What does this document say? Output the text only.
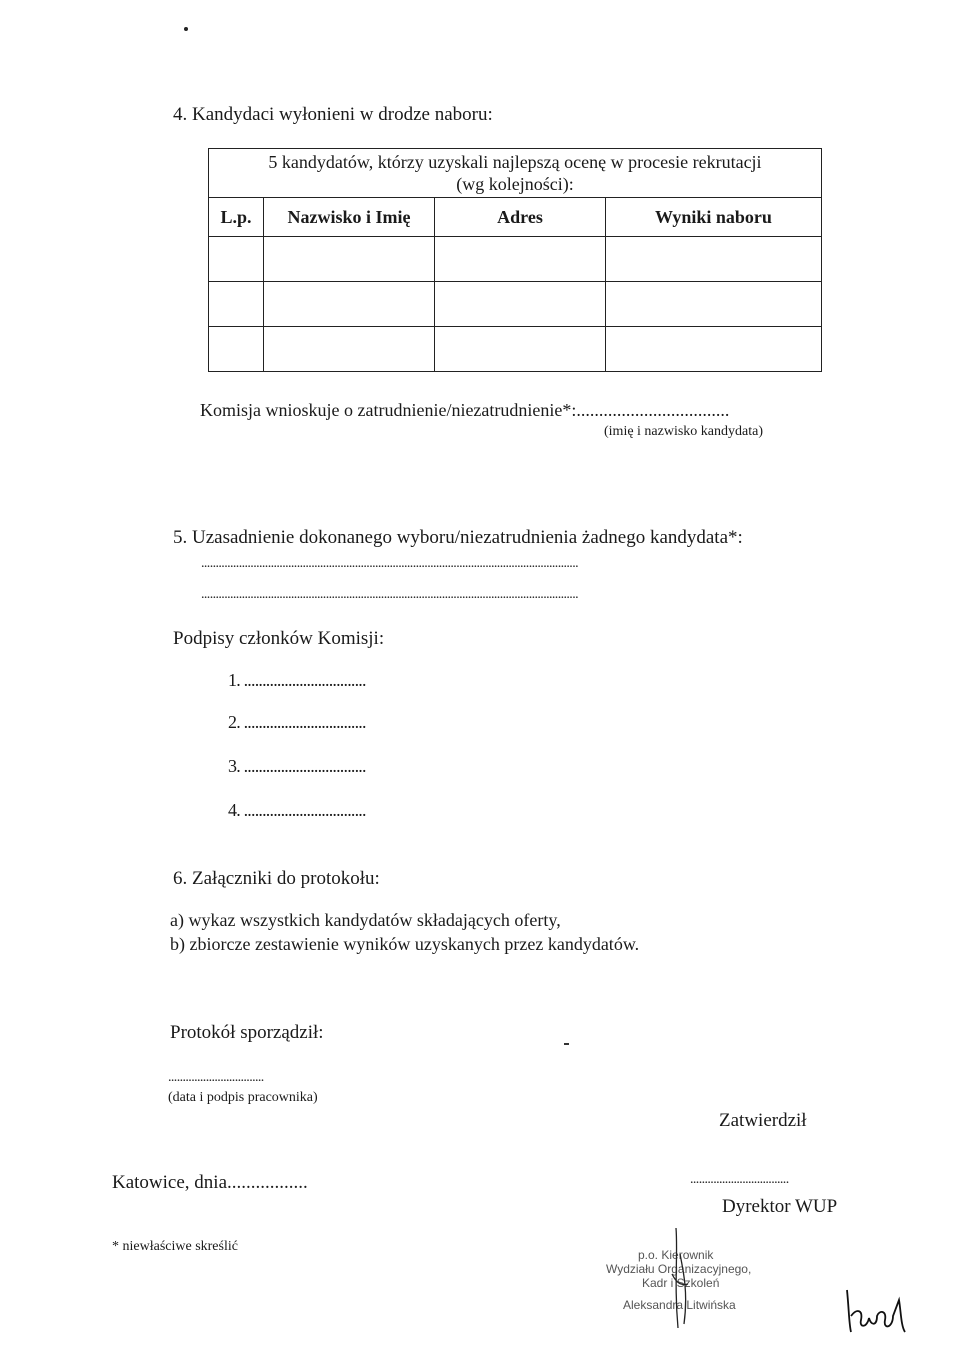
4. Kandydaci wyłonieni w drodze naboru:
5 kandydatów, którzy uzyskali najlepszą ocenę w procesie rekrutacji
(wg kolejności):			

L.p.	Nazwisko i Imię	Adres	Wyniki naboru

Komisja wnioskuje o zatrudnienie/niezatrudnienie*:..................................
(imię i nazwisko kandydata)
5. Uzasadnienie dokonanego wyboru/niezatrudnienia żadnego kandydata*:
..................................................................................................................................
..................................................................................................................................
Podpisy członków Komisji:
1. .................................
2. .................................
3. .................................
4. .................................
6. Załączniki do protokołu:
a) wykaz wszystkich kandydatów składających oferty,
b) zbiorcze zestawienie wyników uzyskanych przez kandydatów.
Protokół sporządził:
.................................
(data i podpis pracownika)
Zatwierdził
Katowice, dnia.................	..................................
Dyrektor WUP
* niewłaściwe skreślić
p.o. Kierownik
Wydziału Organizacyjnego,
Kadr i Szkoleń
Aleksandra Litwińska
